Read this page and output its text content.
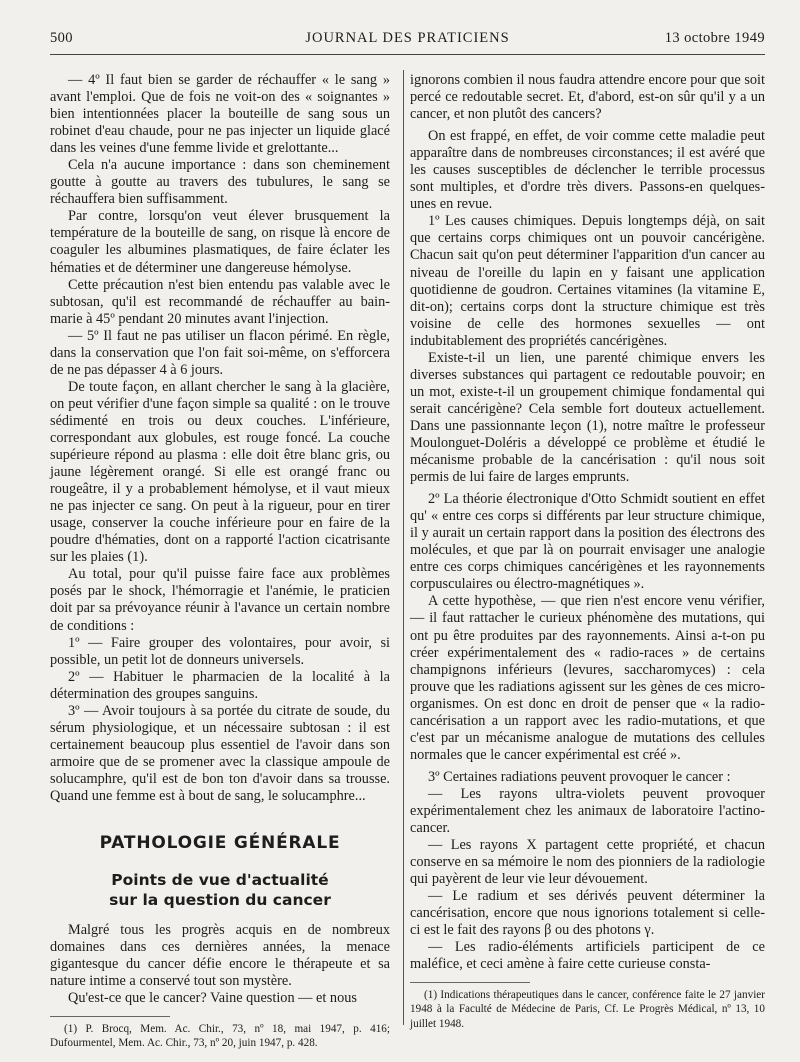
500	JOURNAL DES PRATICIENS	13 octobre 1949

— 4º Il faut bien se garder de réchauffer « le sang » avant l'emploi. Que de fois ne voit-on des « soignantes » bien intentionnées placer la bouteille de sang sous un robinet d'eau chaude, pour ne pas injecter un liquide glacé dans les veines d'une femme livide et grelottante...

Cela n'a aucune importance : dans son cheminement goutte à goutte au travers des tubulures, le sang se réchauffera bien suffisamment.

Par contre, lorsqu'on veut élever brusquement la température de la bouteille de sang, on risque là encore de coaguler les albumines plasmatiques, de faire éclater les hématies et de déterminer une dangereuse hémolyse.

Cette précaution n'est bien entendu pas valable avec le subtosan, qu'il est recommandé de réchauffer au bain-marie à 45º pendant 20 minutes avant l'injection.

— 5º Il faut ne pas utiliser un flacon périmé. En règle, dans la conservation que l'on fait soi-même, on s'efforcera de ne pas dépasser 4 à 6 jours.

De toute façon, en allant chercher le sang à la glacière, on peut vérifier d'une façon simple sa qualité : on le trouve sédimenté en trois ou deux couches. L'inférieure, correspondant aux globules, est rouge foncé. La couche supérieure répond au plasma : elle doit être blanc gris, ou jaune légèrement orangé. Si elle est orangé franc ou rougeâtre, il y a probablement hémolyse, et il vaut mieux ne pas injecter ce sang. On peut à la rigueur, pour en tirer usage, conserver la couche inférieure pour en faire de la poudre d'hématies, dont on a rapporté l'action cicatrisante sur les plaies (1).

Au total, pour qu'il puisse faire face aux problèmes posés par le shock, l'hémorragie et l'anémie, le praticien doit par sa prévoyance réunir à l'avance un certain nombre de conditions :

1º — Faire grouper des volontaires, pour avoir, si possible, un petit lot de donneurs universels.

2º — Habituer le pharmacien de la localité à la détermination des groupes sanguins.

3º — Avoir toujours à sa portée du citrate de soude, du sérum physiologique, et un nécessaire subtosan : il est certainement beaucoup plus essentiel de l'avoir dans son armoire que de se promener avec la classique ampoule de solucamphre, qu'il est de bon ton d'avoir dans sa trousse. Quand une femme est à bout de sang, le solucamphre...

PATHOLOGIE GÉNÉRALE
Points de vue d'actualité
sur la question du cancer

Malgré tous les progrès acquis en de nombreux domaines dans ces dernières années, la menace gigantesque du cancer défie encore le thérapeute et sa nature intime a conservé tout son mystère.

Qu'est-ce que le cancer? Vaine question — et nous

(1) P. Brocq, Mem. Ac. Chir., 73, nº 18, mai 1947, p. 416; Dufourmentel, Mem. Ac. Chir., 73, nº 20, juin 1947, p. 428.

ignorons combien il nous faudra attendre encore pour que soit percé ce redoutable secret. Et, d'abord, est-on sûr qu'il y a un cancer, et non plutôt des cancers?

On est frappé, en effet, de voir comme cette maladie peut apparaître dans de nombreuses circonstances; il est avéré que les causes susceptibles de déclencher le terrible processus sont multiples, et d'ordre très divers. Passons-en quelques-unes en revue.

1º Les causes chimiques. Depuis longtemps déjà, on sait que certains corps chimiques ont un pouvoir cancérigène. Chacun sait qu'on peut déterminer l'apparition d'un cancer au niveau de l'oreille du lapin en y faisant une application quotidienne de goudron. Certaines vitamines (la vitamine E, dit-on); certains corps dont la structure chimique est très voisine de celle des hormones sexuelles — ont indubitablement des propriétés cancérigènes.

Existe-t-il un lien, une parenté chimique envers les diverses substances qui partagent ce redoutable pouvoir; en un mot, existe-t-il un groupement chimique fondamental qui serait cancérigène? Cela semble fort douteux actuellement. Dans une passionnante leçon (1), notre maître le professeur Moulonguet-Doléris a développé ce problème et étudié le mécanisme probable de la cancérisation : qu'il nous soit permis de lui faire de larges emprunts.

2º La théorie électronique d'Otto Schmidt soutient en effet qu' « entre ces corps si différents par leur structure chimique, il y aurait un certain rapport dans la position des électrons des molécules, et que par là on pourrait envisager une analogie entre ces corps chimiques cancérigènes et les rayonnements corpusculaires ou électro-magnétiques ».

A cette hypothèse, — que rien n'est encore venu vérifier, — il faut rattacher le curieux phénomène des mutations, qui ont pu être produites par des rayonnements. Ainsi a-t-on pu créer expérimentalement des « radio-races » de certains champignons inférieurs (levures, saccharomyces) : cela prouve que les radiations agissent sur les gènes de ces micro-organismes. On est donc en droit de penser que « la radio-cancérisation a un rapport avec les radio-mutations, et que c'est par un mécanisme analogue de mutations des cellules normales que le cancer expérimental est créé ».

3º Certaines radiations peuvent provoquer le cancer :

— Les rayons ultra-violets peuvent provoquer expérimentalement chez les animaux de laboratoire l'actino-cancer.

— Les rayons X partagent cette propriété, et chacun conserve en sa mémoire le nom des pionniers de la radiologie qui payèrent de leur vie leur dévouement.

— Le radium et ses dérivés peuvent déterminer la cancérisation, encore que nous ignorions totalement si celle-ci est le fait des rayons β ou des photons γ.

— Les radio-éléments artificiels participent de ce maléfice, et ceci amène à faire cette curieuse consta-

(1) Indications thérapeutiques dans le cancer, conférence faite le 27 janvier 1948 à la Faculté de Médecine de Paris, Cf. Le Progrès Médical, nº 13, 10 juillet 1948.
